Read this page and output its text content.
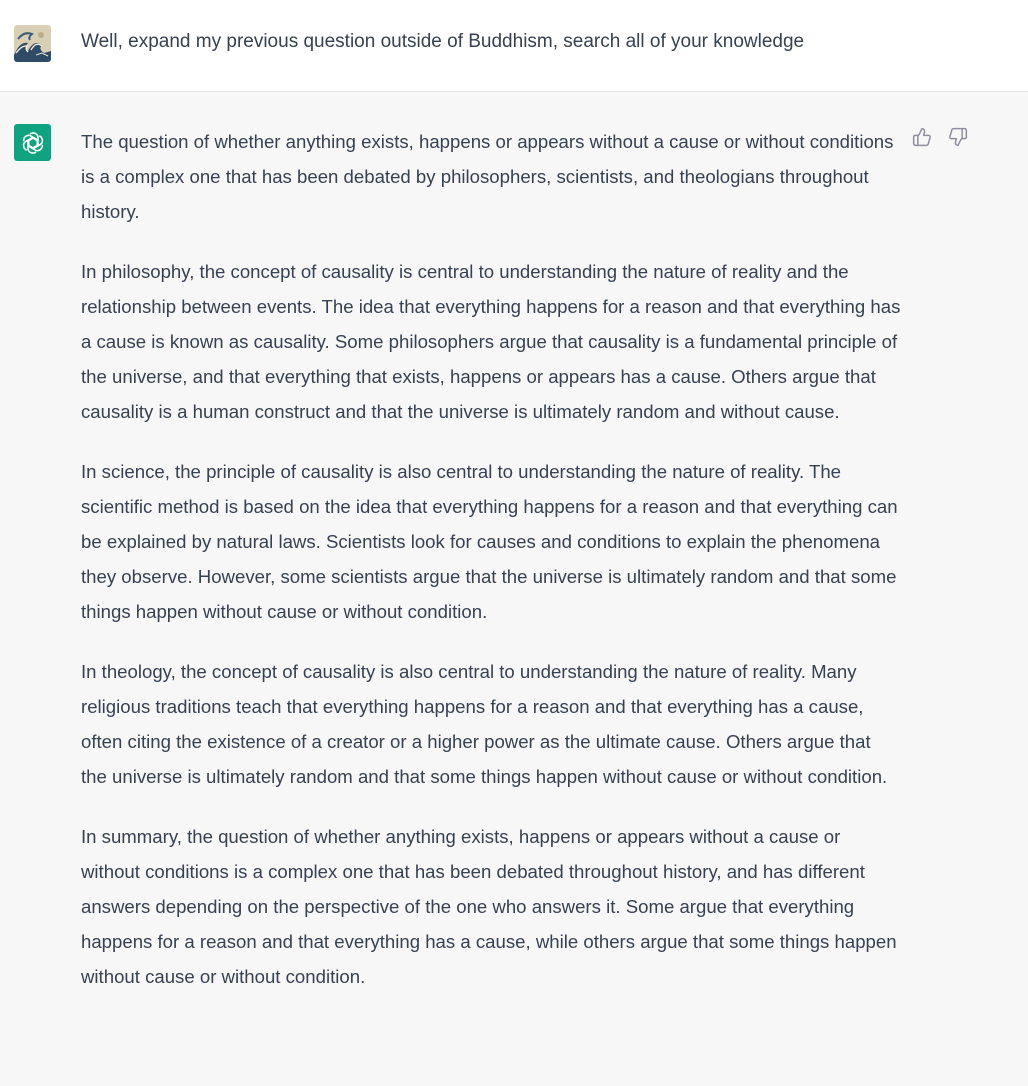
Well, expand my previous question outside of Buddhism, search all of your knowledge

The question of whether anything exists, happens or appears without a cause or without conditions is a complex one that has been debated by philosophers, scientists, and theologians throughout history.

In philosophy, the concept of causality is central to understanding the nature of reality and the relationship between events. The idea that everything happens for a reason and that everything has a cause is known as causality. Some philosophers argue that causality is a fundamental principle of the universe, and that everything that exists, happens or appears has a cause. Others argue that causality is a human construct and that the universe is ultimately random and without cause.

In science, the principle of causality is also central to understanding the nature of reality. The scientific method is based on the idea that everything happens for a reason and that everything can be explained by natural laws. Scientists look for causes and conditions to explain the phenomena they observe. However, some scientists argue that the universe is ultimately random and that some things happen without cause or without condition.

In theology, the concept of causality is also central to understanding the nature of reality. Many religious traditions teach that everything happens for a reason and that everything has a cause, often citing the existence of a creator or a higher power as the ultimate cause. Others argue that the universe is ultimately random and that some things happen without cause or without condition.

In summary, the question of whether anything exists, happens or appears without a cause or without conditions is a complex one that has been debated throughout history, and has different answers depending on the perspective of the one who answers it. Some argue that everything happens for a reason and that everything has a cause, while others argue that some things happen without cause or without condition.
